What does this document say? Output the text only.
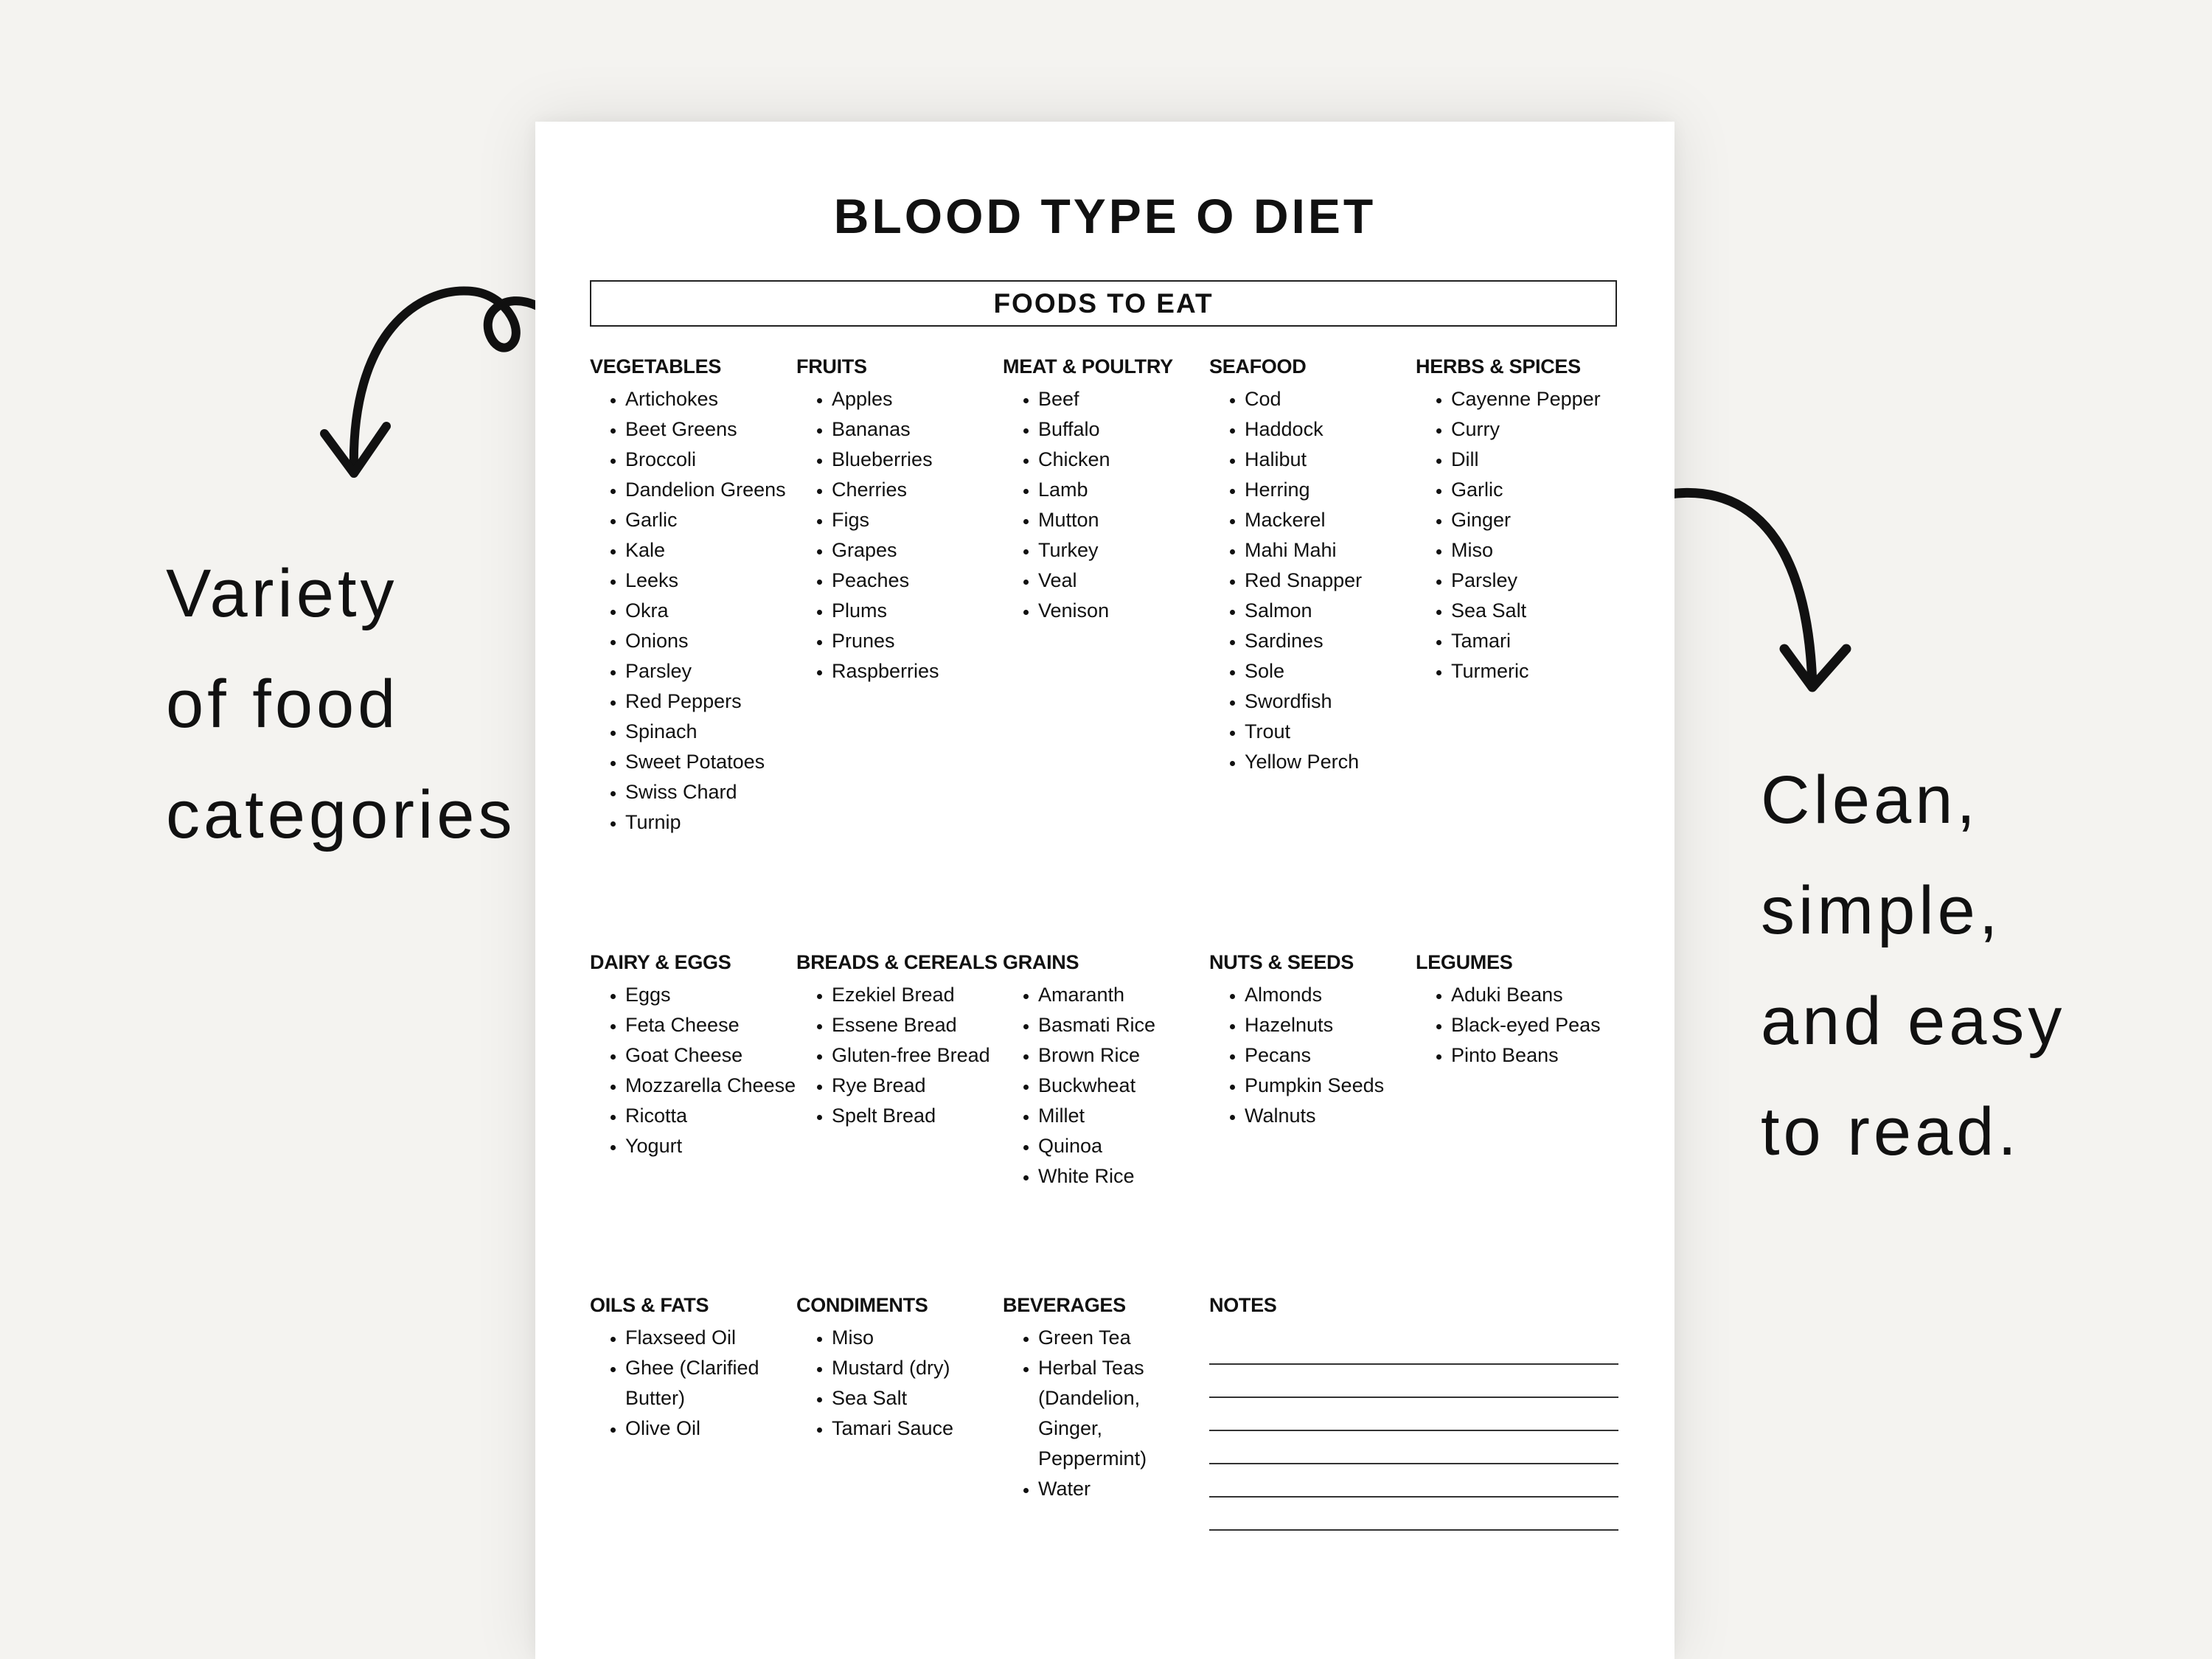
Variety
of food
categories	Clean,
simple,
and easy
to read.
BLOOD TYPE O DIET
FOODS TO EAT
VEGETABLES
• Artichokes
• Beet Greens
• Broccoli
• Dandelion Greens
• Garlic
• Kale
• Leeks
• Okra
• Onions
• Parsley
• Red Peppers
• Spinach
• Sweet Potatoes
• Swiss Chard
• Turnip
FRUITS
• Apples
• Bananas
• Blueberries
• Cherries
• Figs
• Grapes
• Peaches
• Plums
• Prunes
• Raspberries
MEAT & POULTRY
• Beef
• Buffalo
• Chicken
• Lamb
• Mutton
• Turkey
• Veal
• Venison
SEAFOOD
• Cod
• Haddock
• Halibut
• Herring
• Mackerel
• Mahi Mahi
• Red Snapper
• Salmon
• Sardines
• Sole
• Swordfish
• Trout
• Yellow Perch
HERBS & SPICES
• Cayenne Pepper
• Curry
• Dill
• Garlic
• Ginger
• Miso
• Parsley
• Sea Salt
• Tamari
• Turmeric
DAIRY & EGGS
• Eggs
• Feta Cheese
• Goat Cheese
• Mozzarella Cheese
• Ricotta
• Yogurt
BREADS & CEREALS
• Ezekiel Bread
• Essene Bread
• Gluten-free Bread
• Rye Bread
• Spelt Bread
GRAINS
• Amaranth
• Basmati Rice
• Brown Rice
• Buckwheat
• Millet
• Quinoa
• White Rice
NUTS & SEEDS
• Almonds
• Hazelnuts
• Pecans
• Pumpkin Seeds
• Walnuts
LEGUMES
• Aduki Beans
• Black-eyed Peas
• Pinto Beans
OILS & FATS
• Flaxseed Oil
• Ghee (Clarified Butter)
• Olive Oil
CONDIMENTS
• Miso
• Mustard (dry)
• Sea Salt
• Tamari Sauce
BEVERAGES
• Green Tea
• Herbal Teas (Dandelion, Ginger, Peppermint)
• Water
NOTES
